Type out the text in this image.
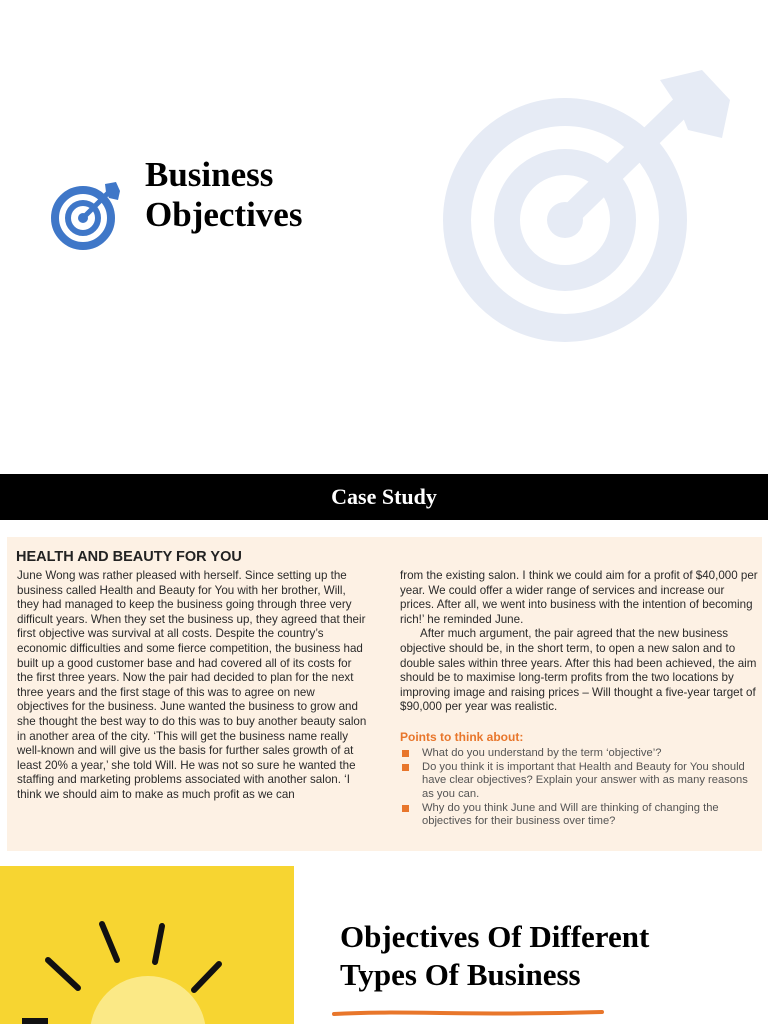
Business
Objectives
Case Study
HEALTH AND BEAUTY FOR YOU

June Wong was rather pleased with herself. Since setting up the business called Health and Beauty for You with her brother, Will, they had managed to keep the business going through three very difficult years. When they set the business up, they agreed that their first objective was survival at all costs. Despite the country’s economic difficulties and some fierce competition, the business had built up a good customer base and had covered all of its costs for the first three years. Now the pair had decided to plan for the next three years and the first stage of this was to agree on new objectives for the business. June wanted the business to grow and she thought the best way to do this was to buy another beauty salon in another area of the city. ‘This will get the business name really well-known and will give us the basis for further sales growth of at least 20% a year,’ she told Will. He was not so sure he wanted the staffing and marketing problems associated with another salon. ‘I think we should aim to make as much profit as we can

from the existing salon. I think we could aim for a profit of $40,000 per year. We could offer a wider range of services and increase our prices. After all, we went into business with the intention of becoming rich!’ he reminded June.

After much argument, the pair agreed that the new business objective should be, in the short term, to open a new salon and to double sales within three years. After this had been achieved, the aim should be to maximise long-term profits from the two locations by improving image and raising prices – Will thought a five-year target of $90,000 per year was realistic.

Points to think about:
What do you understand by the term ‘objective’?
Do you think it is important that Health and Beauty for You should have clear objectives? Explain your answer with as many reasons as you can.
Why do you think June and Will are thinking of changing the objectives for their business over time?
Objectives Of Different
Types Of Business
